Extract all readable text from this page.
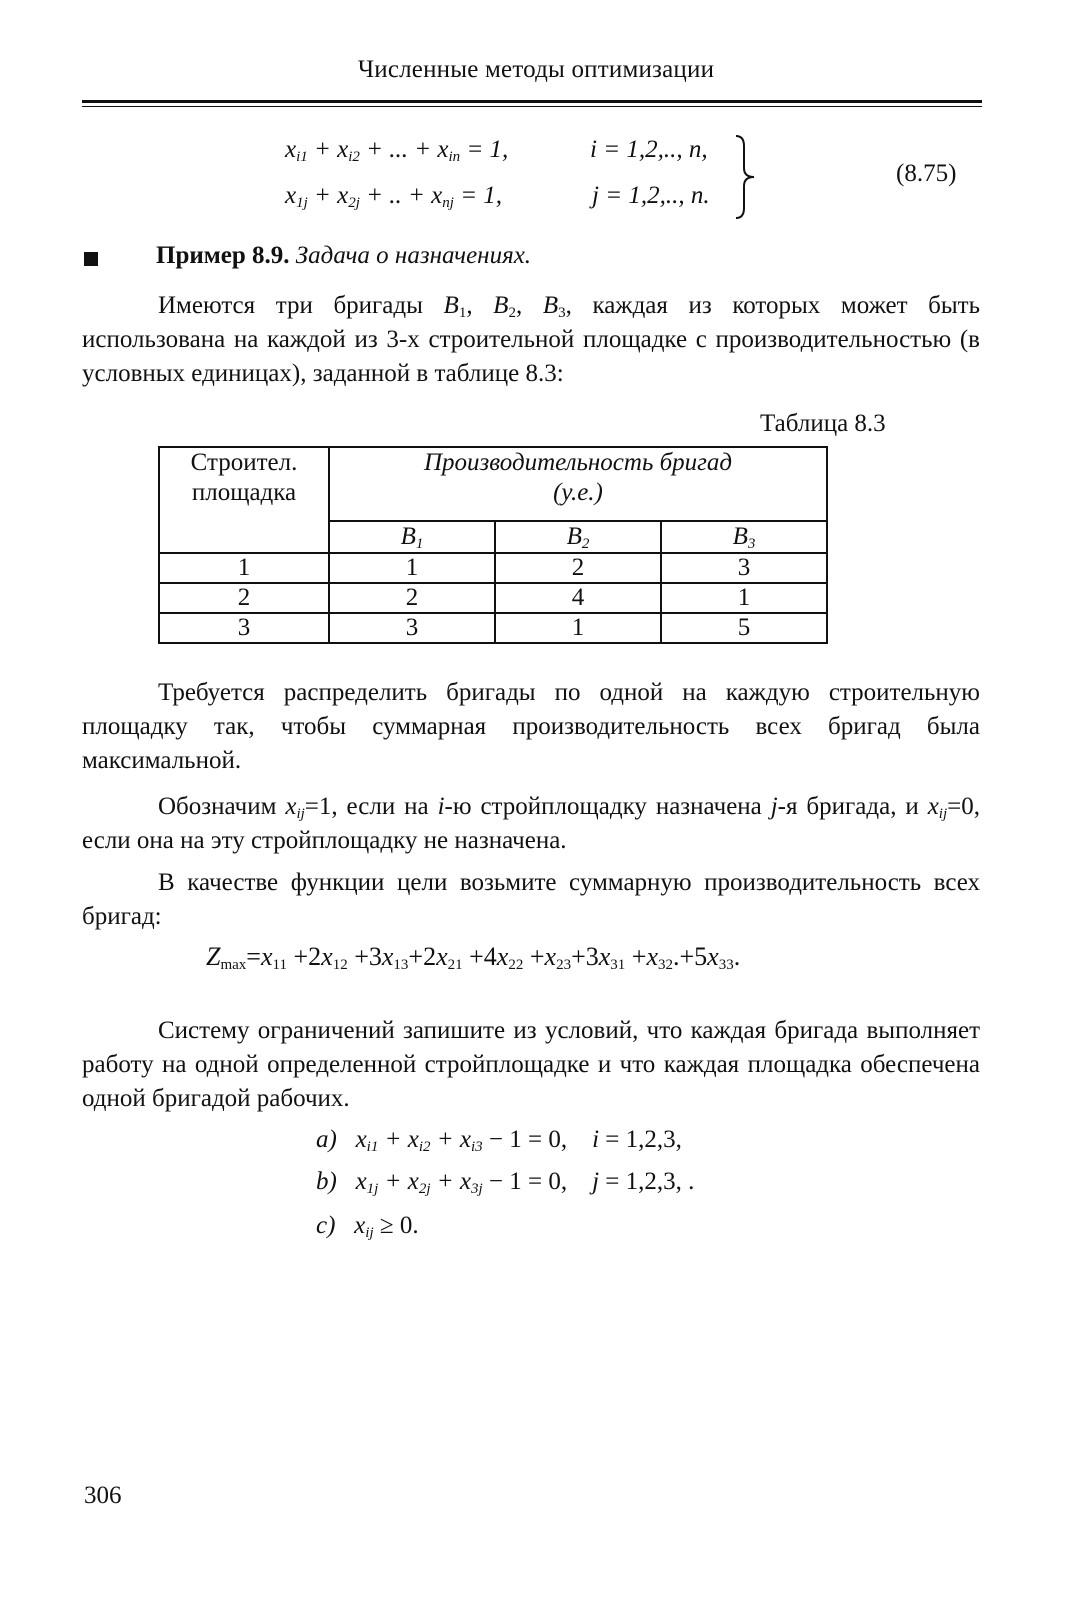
Численные методы оптимизации
$x_{i1} + x_{i2}$ + ... + $x_{in} = 1$,	i = 1,2,.., n,
$x_{1j} + x_{2j}$ + .. + $x_{nj} = 1$,	j = 1,2,.., n.
(8.75)
Пример 8.9. Задача о назначениях.
Имеются три бригады $B_1$, $B_2$, $B_3$, каждая из которых может быть использована на каждой из 3-х строительной площадке с производительностью (в условных единицах), заданной в таблице 8.3:
Таблица 8.3
Строител.
площадка	Производительность бригад
(у.е.)		
	$B_1$	$B_2$	$B_3$
1	1	2	3
2	2	4	1
3	3	1	5
Требуется распределить бригады по одной на каждую строительную площадку так, чтобы суммарная производительность всех бригад была максимальной.
Обозначим $x_{ij}=1$, если на i-ю стройплощадку назначена j-я бригада, и $x_{ij}=0$, если она на эту стройплощадку не назначена.
В качестве функции цели возьмите суммарную производительность всех бригад:
$Z_{max}=x_{11} +2x_{12} +3x_{13}+2x_{21} +4x_{22} +x_{23}+3x_{31} +x_{32}.+5x_{33}$.
Систему ограничений запишите из условий, что каждая бригада выполняет работу на одной определенной стройплощадке и что каждая площадка обеспечена одной бригадой рабочих.
a)   $x_{i1} + x_{i2} + x_{i3} - 1 = 0$,    i = 1,2,3,
b)   $x_{1j} + x_{2j} + x_{3j} - 1 = 0$,    j = 1,2,3, .
c)   $x_{ij} \ge 0$.
306
